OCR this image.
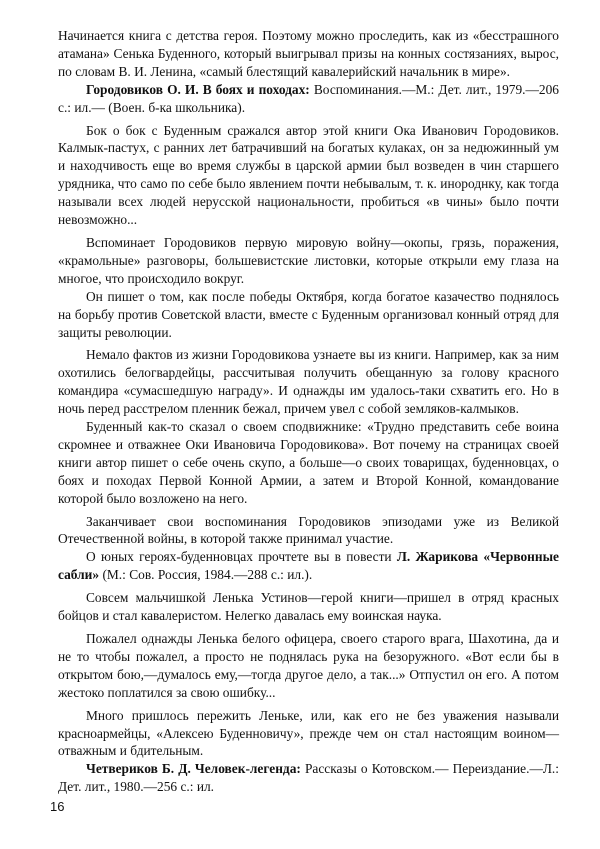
Начинается книга с детства героя. Поэтому можно проследить, как из «бесстрашного атамана» Сенька Буденного, который выигрывал призы на конных состязаниях, вырос, по словам В. И. Ленина, «самый блестящий кавалерийский начальник в мире».

Городовиков О. И. В боях и походах: Воспоминания.—М.: Дет. лит., 1979.—206 с.: ил.— (Воен. б-ка школьника).

Бок о бок с Буденным сражался автор этой книги Ока Иванович Городовиков. Калмык-пастух, с ранних лет батрачивший на богатых кулаках, он за недюжинный ум и находчивость еще во время службы в царской армии был возведен в чин старшего урядника, что само по себе было явлением почти небывалым, т. к. инороднку, как тогда называли всех людей нерусской национальности, пробиться «в чины» было почти невозможно...

Вспоминает Городовиков первую мировую войну—окопы, грязь, поражения, «крамольные» разговоры, большевистские листовки, которые открыли ему глаза на многое, что происходило вокруг.

Он пишет о том, как после победы Октября, когда богатое казачество поднялось на борьбу против Советской власти, вместе с Буденным организовал конный отряд для защиты революции.

Немало фактов из жизни Городовикова узнаете вы из книги. Например, как за ним охотились белогвардейцы, рассчитывая получить обещанную за голову красного командира «сумасшедшую награду». И однажды им удалось-таки схватить его. Но в ночь перед расстрелом пленник бежал, причем увел с собой земляков-калмыков.

Буденный как-то сказал о своем сподвижнике: «Трудно представить себе воина скромнее и отважнее Оки Ивановича Городовикова». Вот почему на страницах своей книги автор пишет о себе очень скупо, а больше—о своих товарищах, буденновцах, о боях и походах Первой Конной Армии, а затем и Второй Конной, командование которой было возложено на него.

Заканчивает свои воспоминания Городовиков эпизодами уже из Великой Отечественной войны, в которой также принимал участие.

О юных героях-буденновцах прочтете вы в повести Л. Жарикова «Червонные сабли» (М.: Сов. Россия, 1984.—288 с.: ил.).

Совсем мальчишкой Ленька Устинов—герой книги—пришел в отряд красных бойцов и стал кавалеристом. Нелегко давалась ему воинская наука.

Пожалел однажды Ленька белого офицера, своего старого врага, Шахотина, да и не то чтобы пожалел, а просто не поднялась рука на безоружного. «Вот если бы в открытом бою,—думалось ему,—тогда другое дело, а так...» Отпустил он его. А потом жестоко поплатился за свою ошибку...

Много пришлось пережить Леньке, или, как его не без уважения называли красноармейцы, «Алексею Буденновичу», прежде чем он стал настоящим воином—отважным и бдительным.

Четвериков Б. Д. Человек-легенда: Рассказы о Котовском.— Переиздание.—Л.: Дет. лит., 1980.—256 с.: ил.

16
